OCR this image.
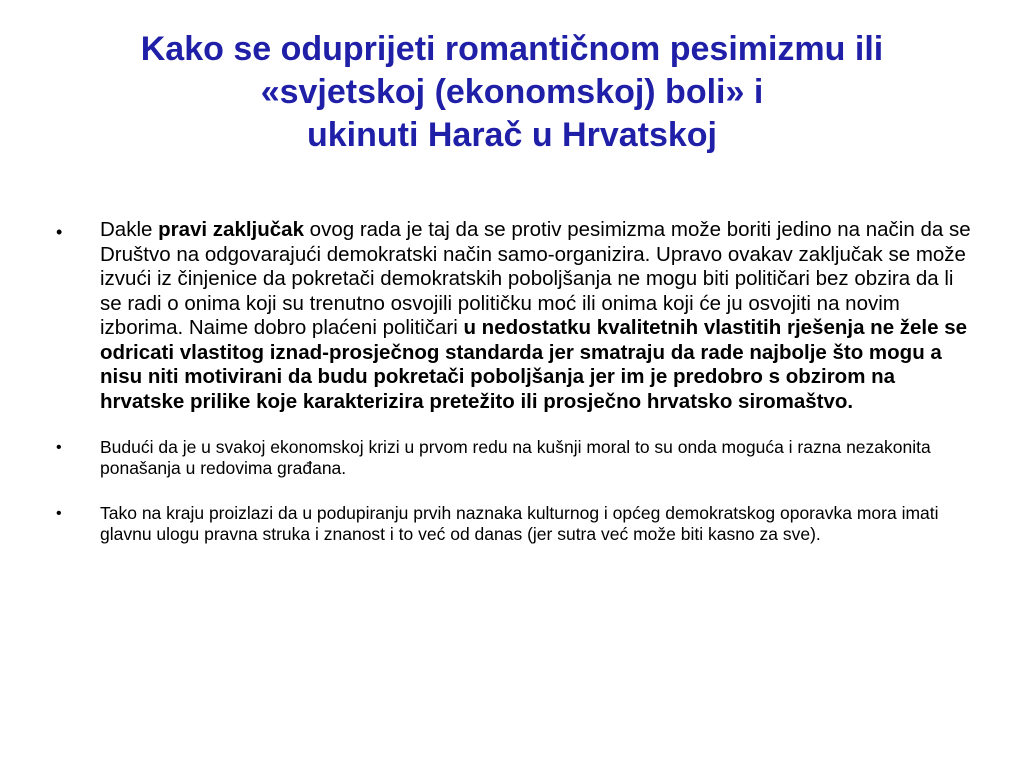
Kako se oduprijeti romantičnom pesimizmu ili
«svjetskoj (ekonomskoj) boli» i
ukinuti Harač u Hrvatskoj
• Dakle pravi zaključak ovog rada je taj da se protiv pesimizma može boriti jedino na način da se Društvo na odgovarajući demokratski način samo-organizira. Upravo ovakav zaključak se može izvući iz činjenice da pokretači demokratskih poboljšanja ne mogu biti političari bez obzira da li se radi o onima koji su trenutno osvojili političku moć ili onima koji će ju osvojiti na novim izborima. Naime dobro plaćeni političari u nedostatku kvalitetnih vlastitih rješenja ne žele se odricati vlastitog iznad-prosječnog standarda jer smatraju da rade najbolje što mogu a nisu niti motivirani da budu pokretači poboljšanja jer im je predobro s obzirom na hrvatske prilike koje karakterizira pretežito ili prosječno hrvatsko siromaštvo.
• Budući da je u svakoj ekonomskoj krizi u prvom redu na kušnji moral to su onda moguća i razna nezakonita ponašanja u redovima građana.
• Tako na kraju proizlazi da u podupiranju prvih naznaka kulturnog i općeg demokratskog oporavka mora imati glavnu ulogu pravna struka i znanost i to već od danas (jer sutra već može biti kasno za sve).
